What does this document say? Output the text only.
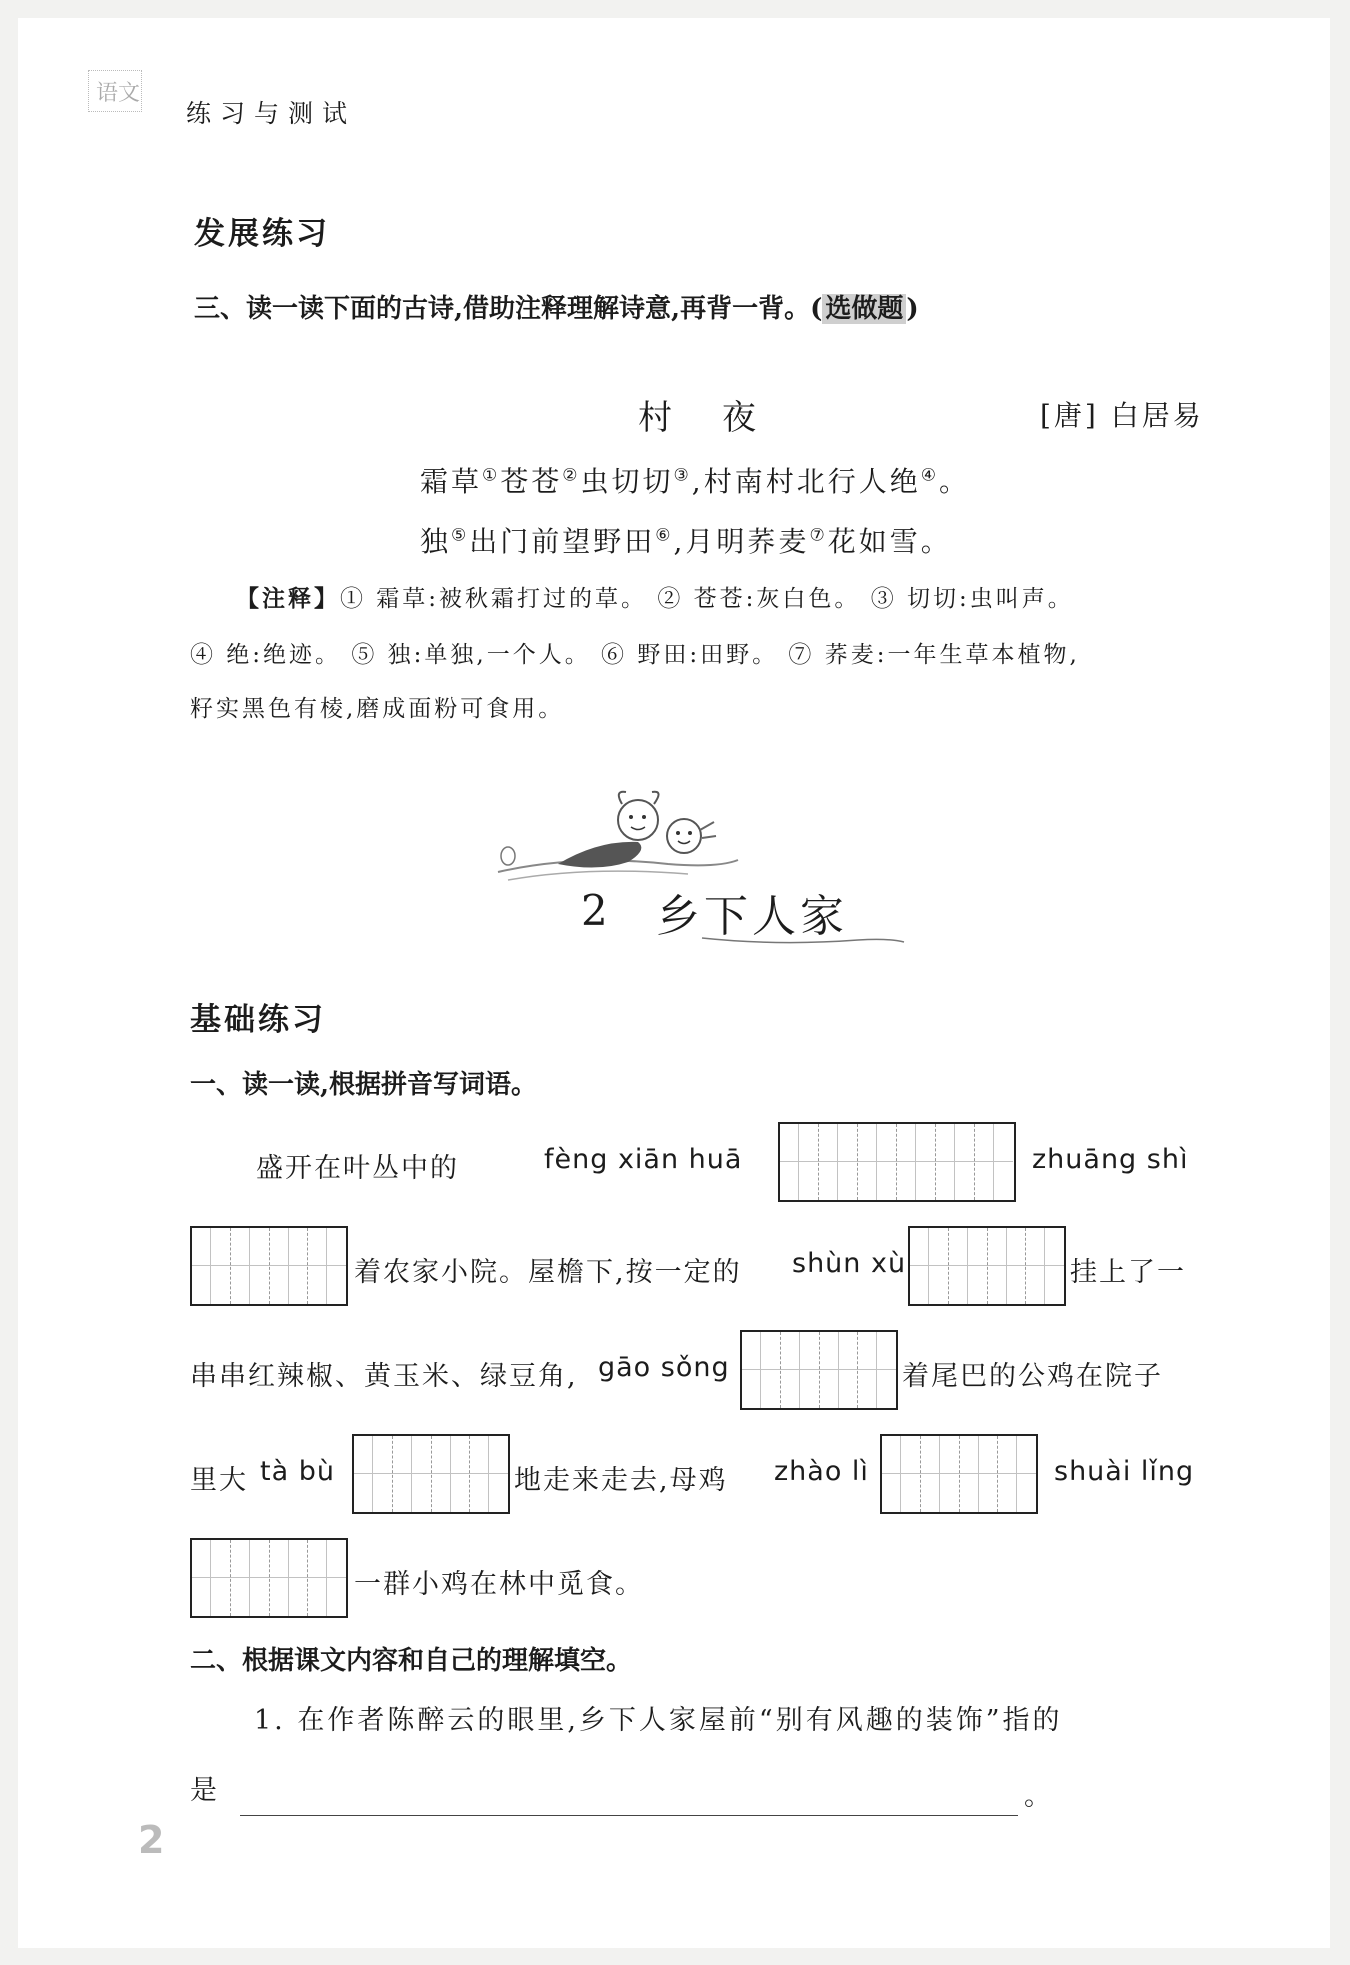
语文
练习与测试
发展练习
三、读一读下面的古诗,借助注释理解诗意,再背一背。( 选做题 )
村夜	[唐] 白居易
霜草①苍苍②虫切切③,村南村北行人绝④。
独⑤出门前望野田⑥,月明荞麦⑦花如雪。
【注释】① 霜草:被秋霜打过的草。 ② 苍苍:灰白色。 ③ 切切:虫叫声。
④ 绝:绝迹。 ⑤ 独:单独,一个人。 ⑥ 野田:田野。 ⑦ 荞麦:一年生草本植物,
籽实黑色有棱,磨成面粉可食用。
2 乡下人家
基础练习
一、读一读,根据拼音写词语。
盛开在叶丛中的	fèng xiān huā	zhuāng shì
着农家小院。屋檐下,按一定的 shùn xù	挂上了一
串串红辣椒、黄玉米、绿豆角, gāo sǒng	着尾巴的公鸡在院子
里大 tà bù	地走来走去,母鸡 zhào lì	shuài lǐng
一群小鸡在林中觅食。
二、根据课文内容和自己的理解填空。
1. 在作者陈醉云的眼里,乡下人家屋前“别有风趣的装饰”指的
是	。
2
